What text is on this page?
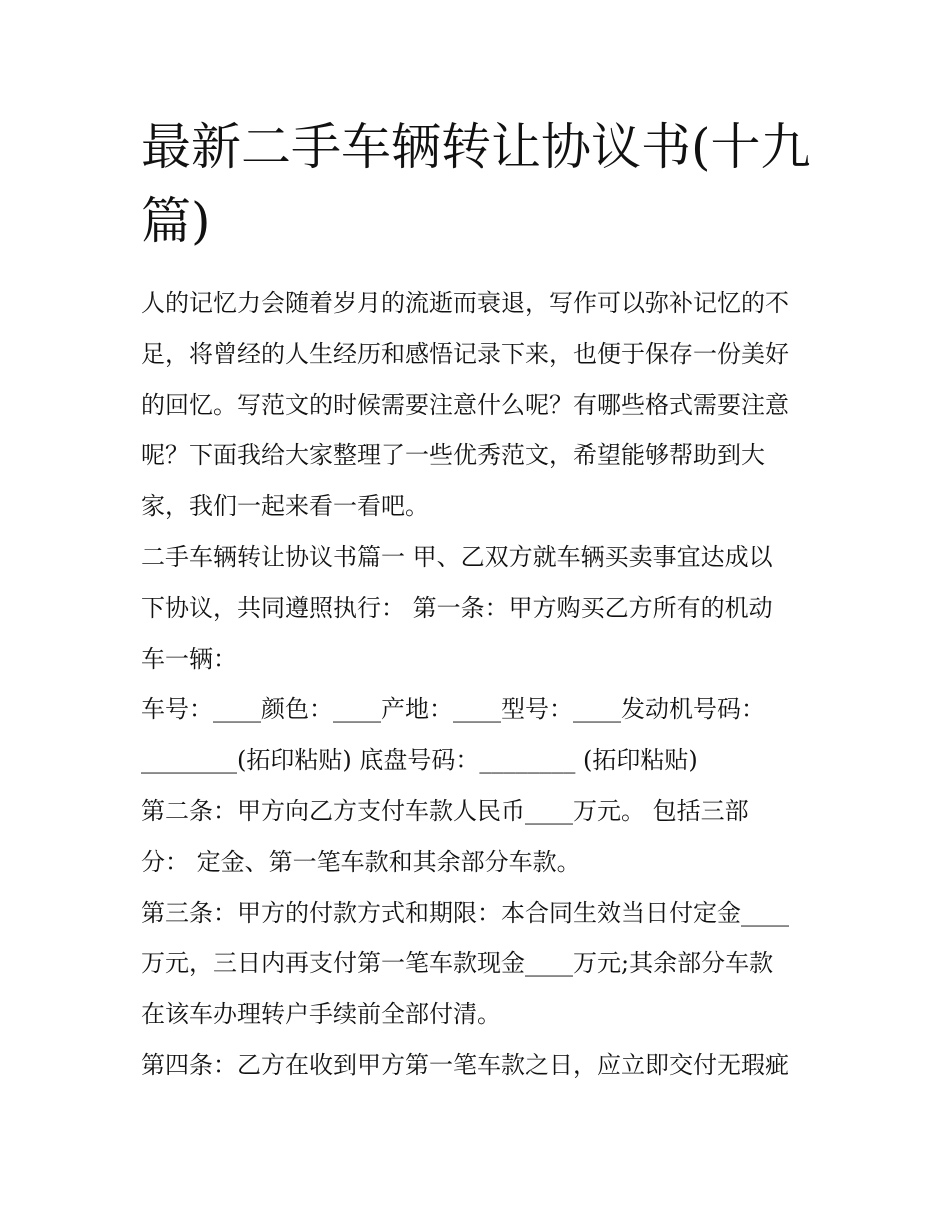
最新二手车辆转让协议书(十九
篇)

人的记忆力会随着岁月的流逝而衰退，写作可以弥补记忆的不

足，将曾经的人生经历和感悟记录下来，也便于保存一份美好

的回忆。写范文的时候需要注意什么呢？有哪些格式需要注意

呢？下面我给大家整理了一些优秀范文，希望能够帮助到大

家，我们一起来看一看吧。

二手车辆转让协议书篇一 甲、乙双方就车辆买卖事宜达成以

下协议，共同遵照执行： 第一条：甲方购买乙方所有的机动

车一辆：

车号：____颜色：____产地：____型号：____发动机号码：

________(拓印粘贴) 底盘号码：________ (拓印粘贴)

第二条：甲方向乙方支付车款人民币____万元。 包括三部

分： 定金、第一笔车款和其余部分车款。

第三条：甲方的付款方式和期限：本合同生效当日付定金____

万元，三日内再支付第一笔车款现金____万元;其余部分车款

在该车办理转户手续前全部付清。

第四条：乙方在收到甲方第一笔车款之日，应立即交付无瑕疵
